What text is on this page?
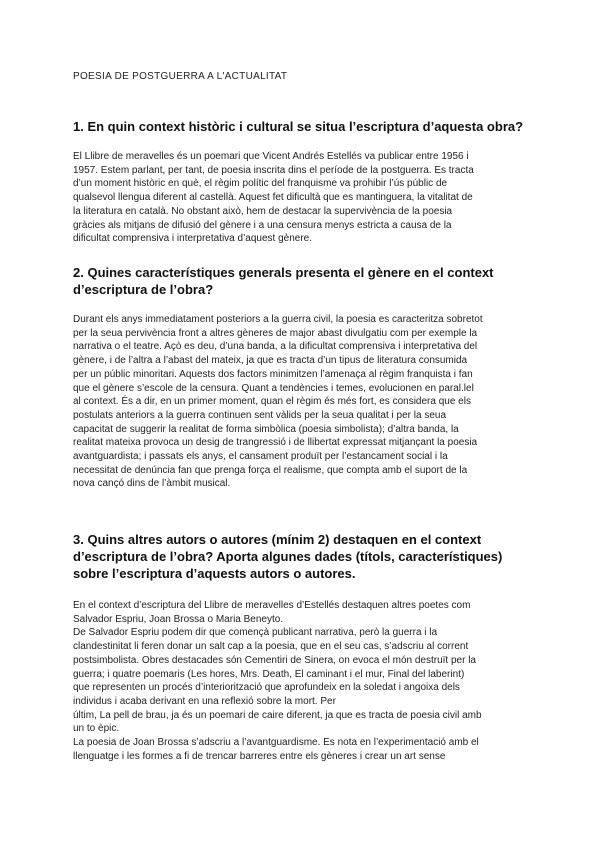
POESIA DE POSTGUERRA A L'ACTUALITAT
1. En quin context històric i cultural se situa l’escriptura d’aquesta obra?

El Llibre de meravelles és un poemari que Vicent Andrés Estellés va publicar entre 1956 i
1957. Estem parlant, per tant, de poesia inscrita dins el període de la postguerra. Es tracta
d’un moment històric en què, el règim polític del franquisme va prohibir l’ús públic de
qualsevol llengua diferent al castellà. Aquest fet dificultà que es mantinguera, la vitalitat de
la literatura en català. No obstant això, hem de destacar la supervivència de la poesia
gràcies als mitjans de difusió del gènere i a una censura menys estricta a causa de la
dificultat comprensiva i interpretativa d’aquest gènere.

2. Quines característiques generals presenta el gènere en el context
d’escriptura de l’obra?

Durant els anys immediatament posteriors a la guerra civil, la poesia es caracteritza sobretot
per la seua pervivència front a altres gèneres de major abast divulgatiu com per exemple la
narrativa o el teatre. Açò es deu, d’una banda, a la dificultat comprensiva i interpretativa del
gènere, i de l’altra a l’abast del mateix, ja que es tracta d’un tipus de literatura consumida
per un públic minoritari. Aquests dos factors minimitzen l’amenaça al règim franquista i fan
que el gènere s’escole de la censura. Quant a tendències i temes, evolucionen en paral.lel
al context. És a dir, en un primer moment, quan el règim és més fort, es considera que els
postulats anteriors a la guerra continuen sent vàlids per la seua qualitat i per la seua
capacitat de suggerir la realitat de forma simbòlica (poesia simbolista); d’altra banda, la
realitat mateixa provoca un desig de trangressió i de llibertat expressat mitjançant la poesia
avantguardista; i passats els anys, el cansament produït per l’estancament social i la
necessitat de denúncia fan que prenga força el realisme, que compta amb el suport de la
nova cançó dins de l’àmbit musical.

3. Quins altres autors o autores (mínim 2) destaquen en el context
d’escriptura de l’obra? Aporta algunes dades (títols, característiques)
sobre l’escriptura d’aquests autors o autores.

En el context d’escriptura del Llibre de meravelles d’Estellés destaquen altres poetes com
Salvador Espriu, Joan Brossa o Maria Beneyto.
De Salvador Espriu podem dir que començà publicant narrativa, però la guerra i la
clandestinitat li feren donar un salt cap a la poesia, que en el seu cas, s’adscriu al corrent
postsimbolista. Obres destacades són Cementiri de Sinera, on evoca el món destruït per la
guerra; i quatre poemaris (Les hores, Mrs. Death, El caminant i el mur, Final del laberint)
que representen un procés d’interiorització que aprofundeix en la soledat i angoixa dels
individus i acaba derivant en una reflexió sobre la mort. Per
últim, La pell de brau, ja és un poemari de caire diferent, ja que es tracta de poesia civil amb
un to èpic.
La poesia de Joan Brossa s’adscriu a l’avantguardisme. Es nota en l’experimentació amb el
llenguatge i les formes a fi de trencar barreres entre els gèneres i crear un art sense
